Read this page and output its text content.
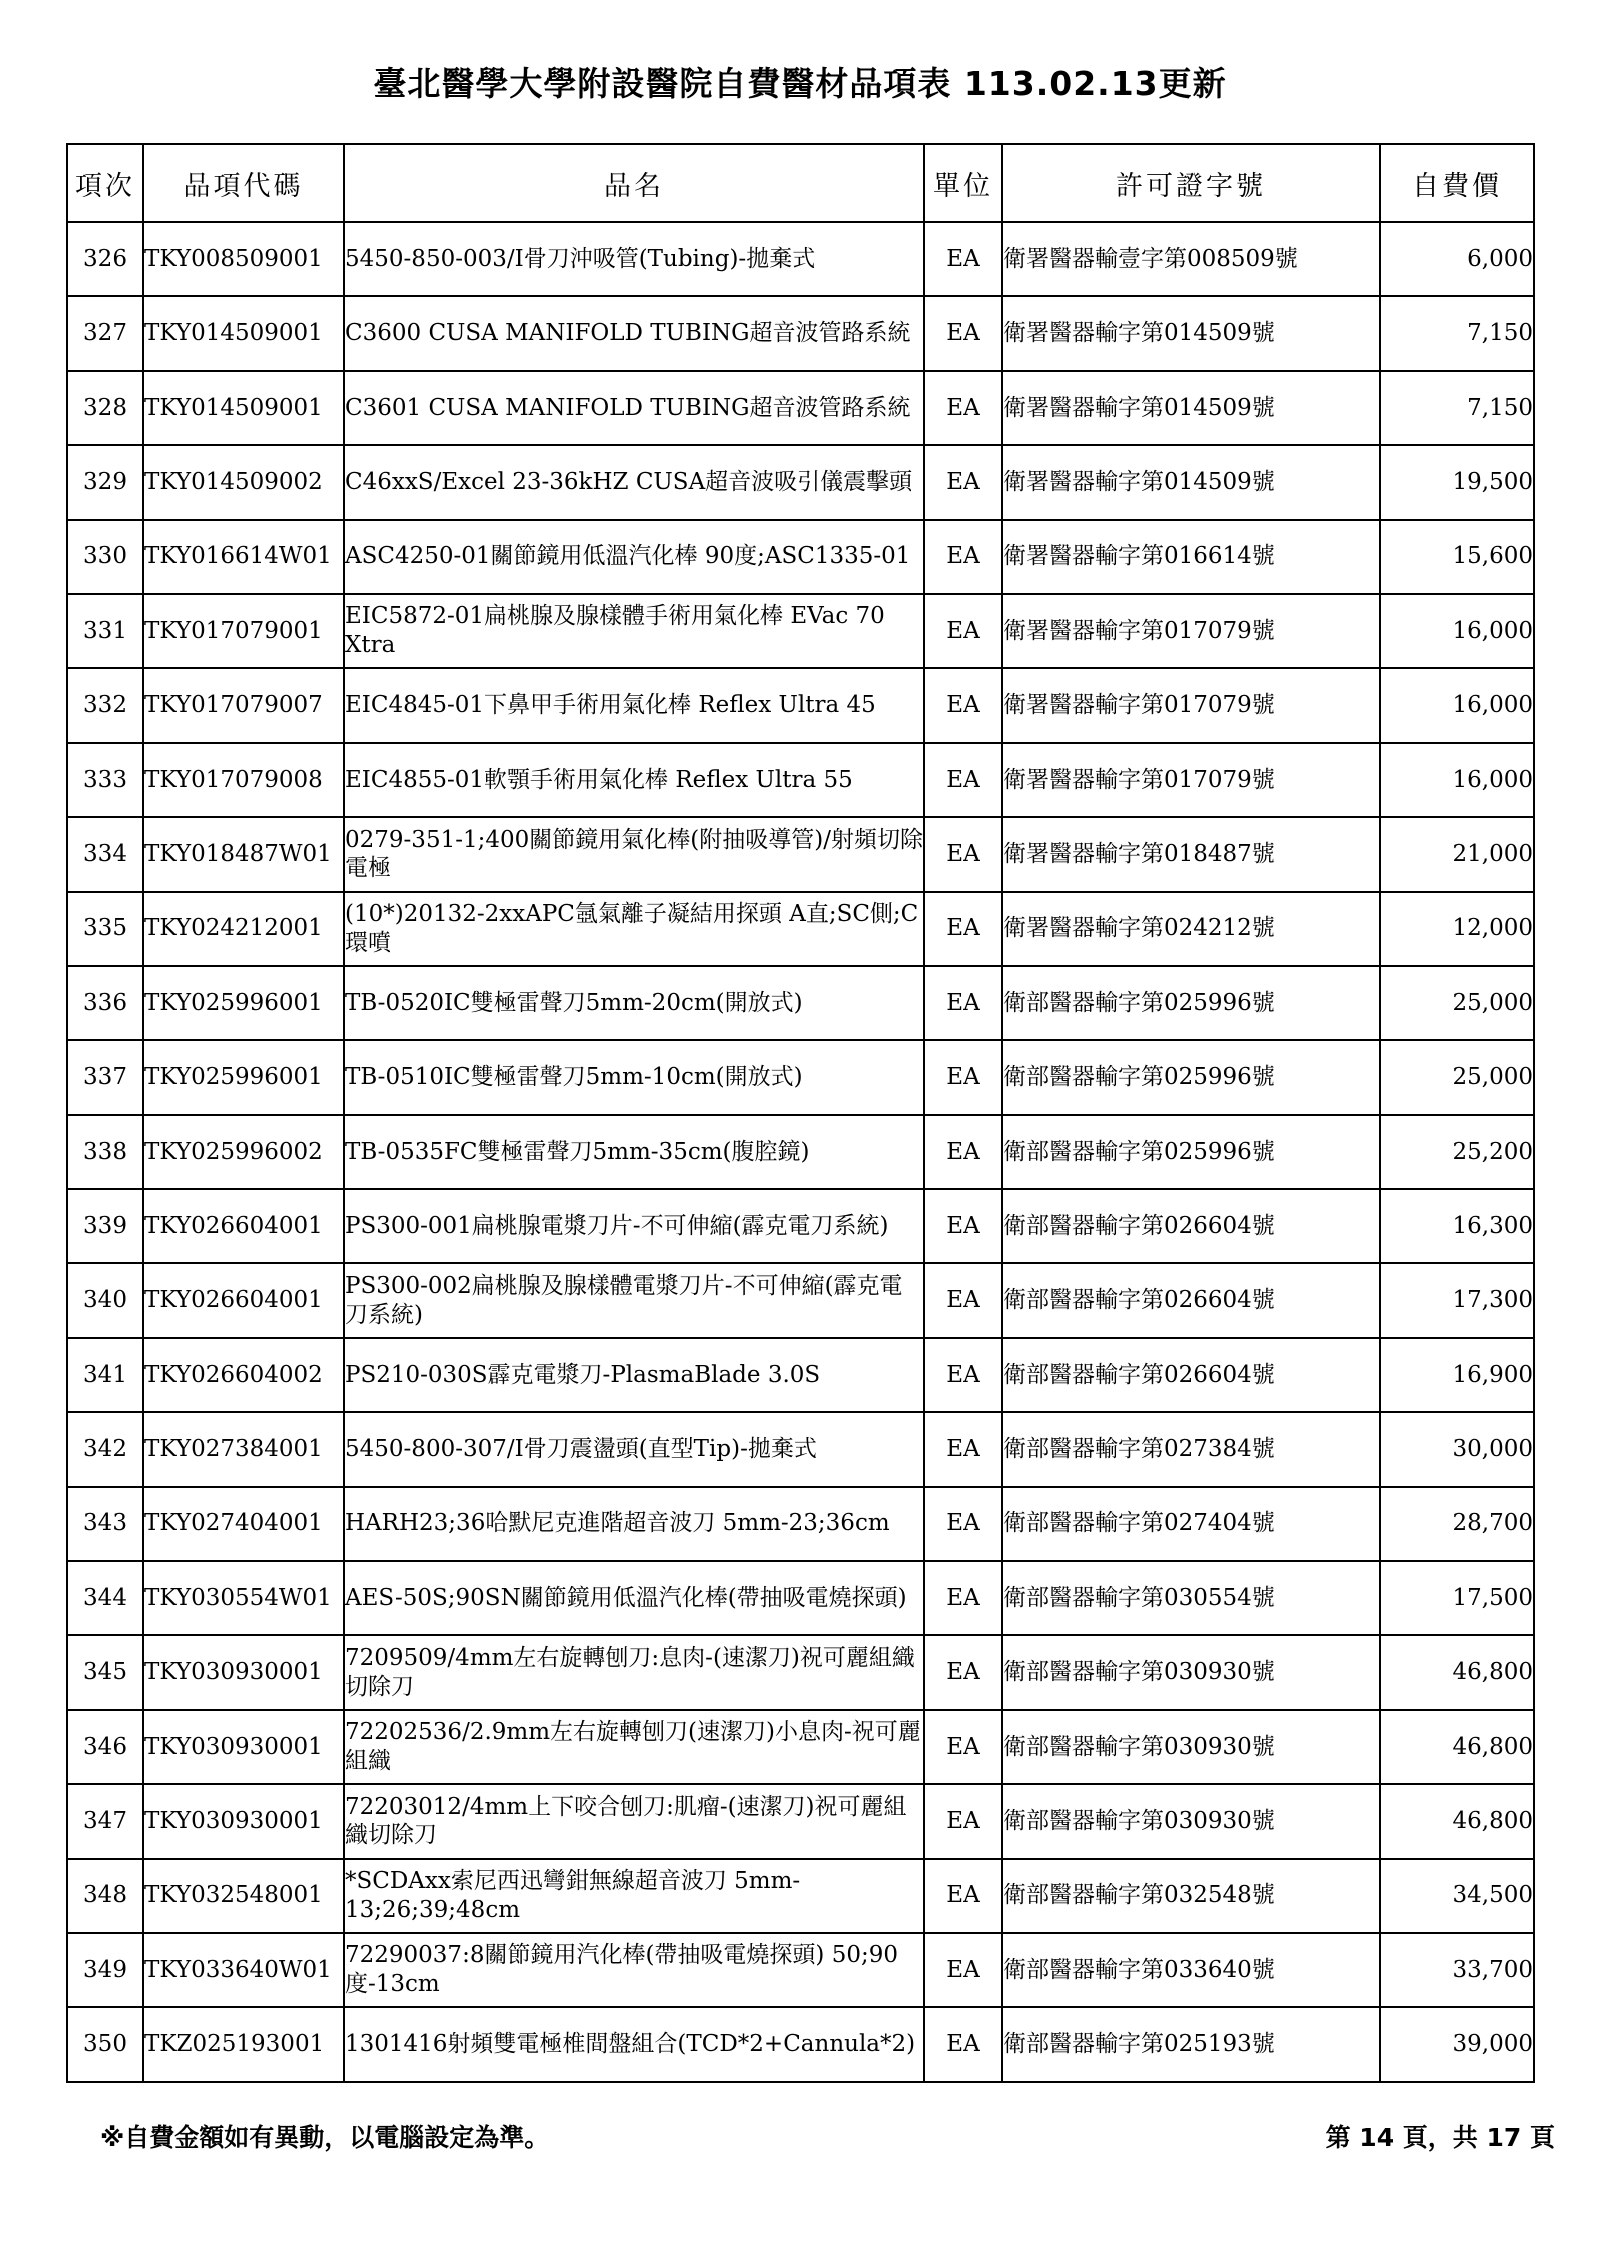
臺北醫學大學附設醫院自費醫材品項表 113.02.13更新
項次	品項代碼	品名	單位	許可證字號	自費價
326	TKY008509001	5450-850-003/I骨刀沖吸管(Tubing)-拋棄式	EA	衛署醫器輸壹字第008509號	6,000
327	TKY014509001	C3600 CUSA MANIFOLD TUBING超音波管路系統	EA	衛署醫器輸字第014509號	7,150
328	TKY014509001	C3601 CUSA MANIFOLD TUBING超音波管路系統	EA	衛署醫器輸字第014509號	7,150
329	TKY014509002	C46xxS/Excel 23-36kHZ CUSA超音波吸引儀震擊頭	EA	衛署醫器輸字第014509號	19,500
330	TKY016614W01	ASC4250-01關節鏡用低溫汽化棒 90度;ASC1335-01	EA	衛署醫器輸字第016614號	15,600
331	TKY017079001	EIC5872-01扁桃腺及腺樣體手術用氣化棒 EVac 70 Xtra	EA	衛署醫器輸字第017079號	16,000
332	TKY017079007	EIC4845-01下鼻甲手術用氣化棒 Reflex Ultra 45	EA	衛署醫器輸字第017079號	16,000
333	TKY017079008	EIC4855-01軟顎手術用氣化棒 Reflex Ultra 55	EA	衛署醫器輸字第017079號	16,000
334	TKY018487W01	0279-351-1;400關節鏡用氣化棒(附抽吸導管)/射頻切除電極	EA	衛署醫器輸字第018487號	21,000
335	TKY024212001	(10*)20132-2xxAPC氬氣離子凝結用探頭 A直;SC側;C環噴	EA	衛署醫器輸字第024212號	12,000
336	TKY025996001	TB-0520IC雙極雷聲刀5mm-20cm(開放式)	EA	衛部醫器輸字第025996號	25,000
337	TKY025996001	TB-0510IC雙極雷聲刀5mm-10cm(開放式)	EA	衛部醫器輸字第025996號	25,000
338	TKY025996002	TB-0535FC雙極雷聲刀5mm-35cm(腹腔鏡)	EA	衛部醫器輸字第025996號	25,200
339	TKY026604001	PS300-001扁桃腺電漿刀片-不可伸縮(霹克電刀系統)	EA	衛部醫器輸字第026604號	16,300
340	TKY026604001	PS300-002扁桃腺及腺樣體電漿刀片-不可伸縮(霹克電刀系統)	EA	衛部醫器輸字第026604號	17,300
341	TKY026604002	PS210-030S霹克電漿刀-PlasmaBlade 3.0S	EA	衛部醫器輸字第026604號	16,900
342	TKY027384001	5450-800-307/I骨刀震盪頭(直型Tip)-拋棄式	EA	衛部醫器輸字第027384號	30,000
343	TKY027404001	HARH23;36哈默尼克進階超音波刀 5mm-23;36cm	EA	衛部醫器輸字第027404號	28,700
344	TKY030554W01	AES-50S;90SN關節鏡用低溫汽化棒(帶抽吸電燒探頭)	EA	衛部醫器輸字第030554號	17,500
345	TKY030930001	7209509/4mm左右旋轉刨刀:息肉-(速潔刀)祝可麗組織切除刀	EA	衛部醫器輸字第030930號	46,800
346	TKY030930001	72202536/2.9mm左右旋轉刨刀(速潔刀)小息肉-祝可麗組織	EA	衛部醫器輸字第030930號	46,800
347	TKY030930001	72203012/4mm上下咬合刨刀:肌瘤-(速潔刀)祝可麗組織切除刀	EA	衛部醫器輸字第030930號	46,800
348	TKY032548001	*SCDAxx索尼西迅彎鉗無線超音波刀 5mm-13;26;39;48cm	EA	衛部醫器輸字第032548號	34,500
349	TKY033640W01	72290037:8關節鏡用汽化棒(帶抽吸電燒探頭) 50;90度-13cm	EA	衛部醫器輸字第033640號	33,700
350	TKZ025193001	1301416射頻雙電極椎間盤組合(TCD*2+Cannula*2)	EA	衛部醫器輸字第025193號	39,000
※自費金額如有異動，以電腦設定為準。	第 14 頁，共 17 頁
